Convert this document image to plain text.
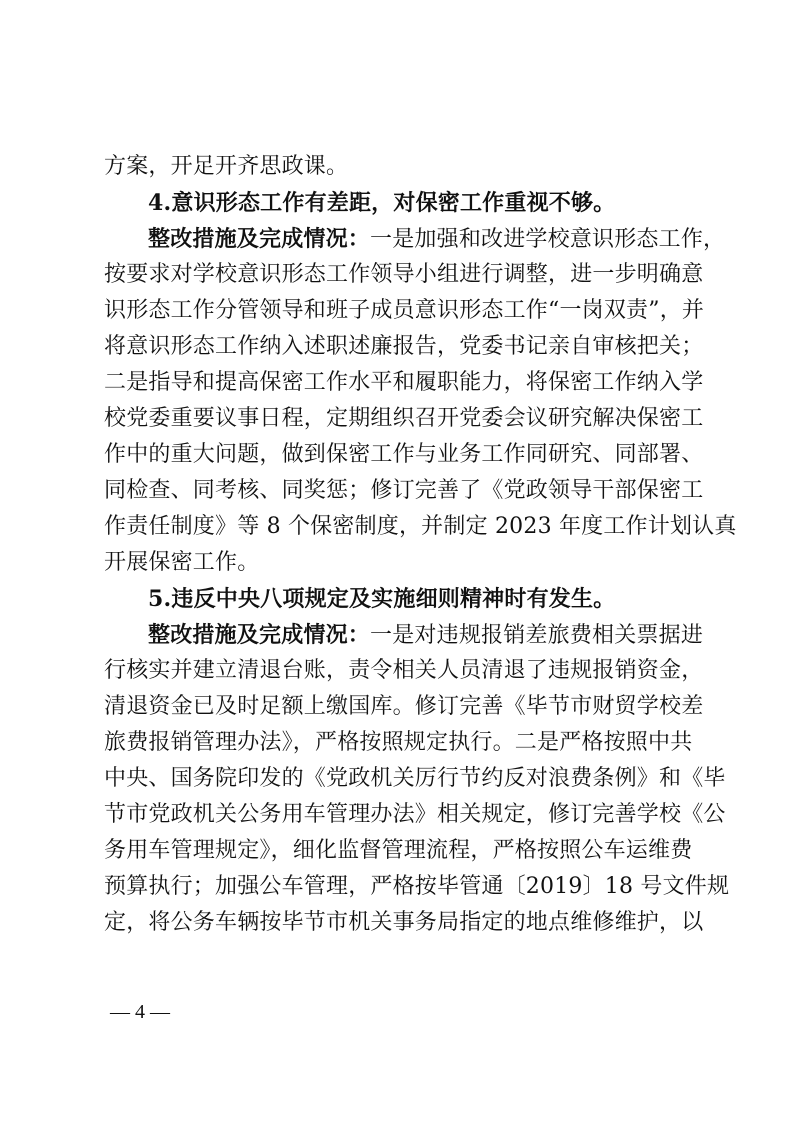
方案，开足开齐思政课。
4.意识形态工作有差距，对保密工作重视不够。
整改措施及完成情况：一是加强和改进学校意识形态工作，
按要求对学校意识形态工作领导小组进行调整，进一步明确意
识形态工作分管领导和班子成员意识形态工作“一岗双责”，并
将意识形态工作纳入述职述廉报告，党委书记亲自审核把关；
二是指导和提高保密工作水平和履职能力，将保密工作纳入学
校党委重要议事日程，定期组织召开党委会议研究解决保密工
作中的重大问题，做到保密工作与业务工作同研究、同部署、
同检查、同考核、同奖惩；修订完善了《党政领导干部保密工
作责任制度》等 8 个保密制度，并制定 2023 年度工作计划认真
开展保密工作。
5.违反中央八项规定及实施细则精神时有发生。
整改措施及完成情况：一是对违规报销差旅费相关票据进
行核实并建立清退台账，责令相关人员清退了违规报销资金，
清退资金已及时足额上缴国库。修订完善《毕节市财贸学校差
旅费报销管理办法》，严格按照规定执行。二是严格按照中共
中央、国务院印发的《党政机关厉行节约反对浪费条例》和《毕
节市党政机关公务用车管理办法》相关规定，修订完善学校《公
务用车管理规定》，细化监督管理流程，严格按照公车运维费
预算执行；加强公车管理，严格按毕管通〔2019〕18 号文件规
定，将公务车辆按毕节市机关事务局指定的地点维修维护，以
— 4 —
